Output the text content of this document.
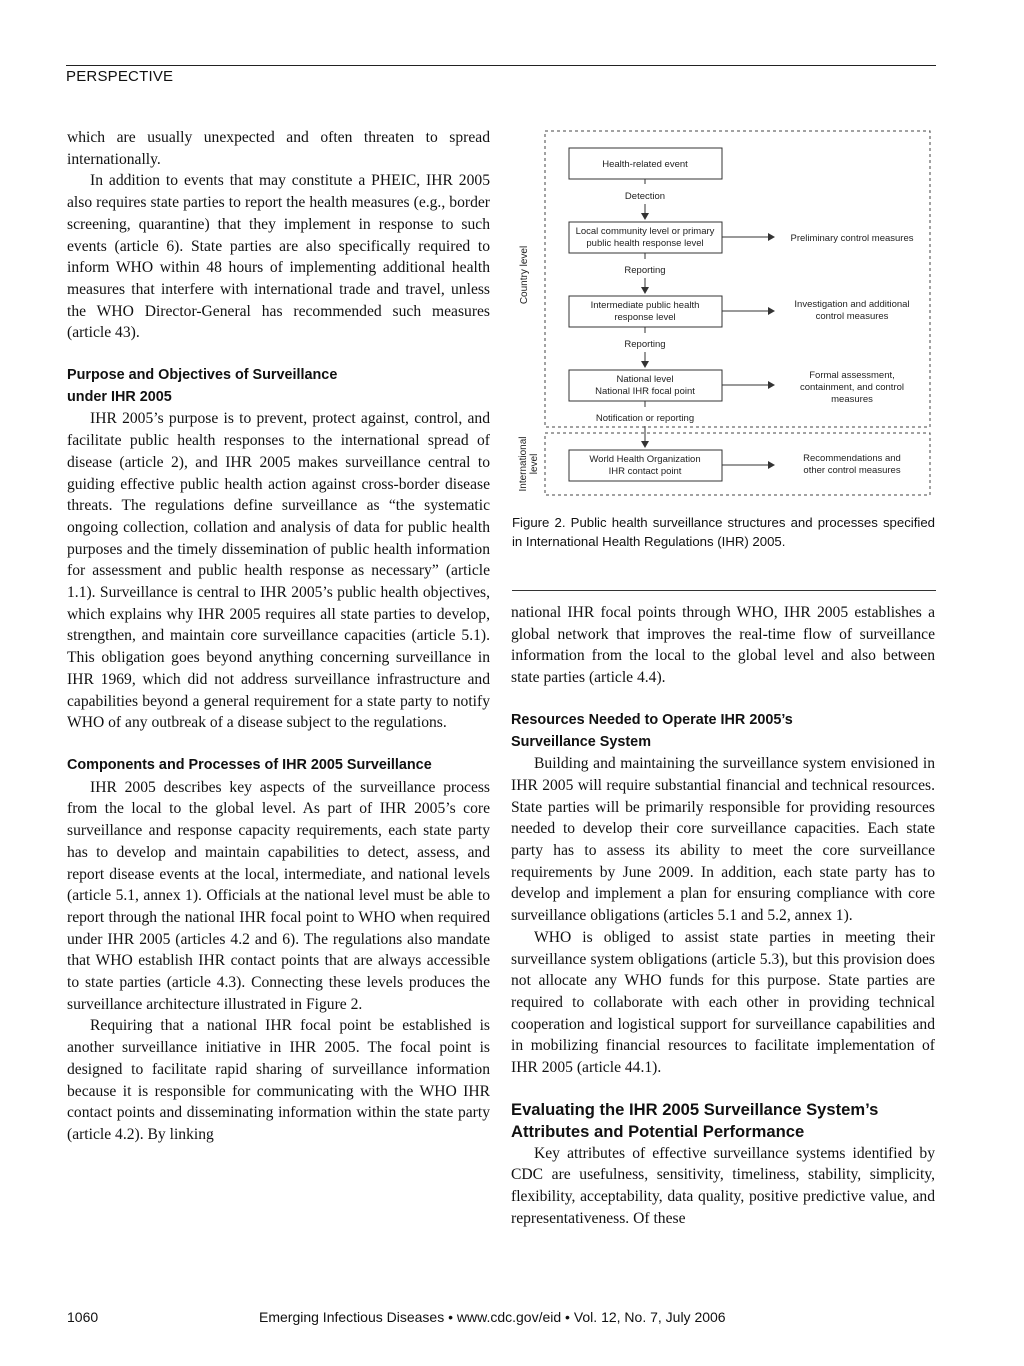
PERSPECTIVE

which are usually unexpected and often threaten to spread internationally.

In addition to events that may constitute a PHEIC, IHR 2005 also requires state parties to report the health measures (e.g., border screening, quarantine) that they implement in response to such events (article 6). State parties are also specifically required to inform WHO within 48 hours of implementing additional health measures that interfere with international trade and travel, unless the WHO Director-General has recommended such measures (article 43).

Purpose and Objectives of Surveillance
under IHR 2005

IHR 2005’s purpose is to prevent, protect against, control, and facilitate public health responses to the international spread of disease (article 2), and IHR 2005 makes surveillance central to guiding effective public health action against cross-border disease threats. The regulations define surveillance as “the systematic ongoing collection, collation and analysis of data for public health purposes and the timely dissemination of public health information for assessment and public health response as necessary” (article 1.1). Surveillance is central to IHR 2005’s public health objectives, which explains why IHR 2005 requires all state parties to develop, strengthen, and maintain core surveillance capacities (article 5.1). This obligation goes beyond anything concerning surveillance in IHR 1969, which did not address surveillance infrastructure and capabilities beyond a general requirement for a state party to notify WHO of any outbreak of a disease subject to the regulations.

Components and Processes of IHR 2005 Surveillance

IHR 2005 describes key aspects of the surveillance process from the local to the global level. As part of IHR 2005’s core surveillance and response capacity requirements, each state party has to develop and maintain capabilities to detect, assess, and report disease events at the local, intermediate, and national levels (article 5.1, annex 1). Officials at the national level must be able to report through the national IHR focal point to WHO when required under IHR 2005 (articles 4.2 and 6). The regulations also mandate that WHO establish IHR contact points that are always accessible to state parties (article 4.3). Connecting these levels produces the surveillance architecture illustrated in Figure 2.

Requiring that a national IHR focal point be established is another surveillance initiative in IHR 2005. The focal point is designed to facilitate rapid sharing of surveillance information because it is responsible for communicating with the WHO IHR contact points and disseminating information within the state party (article 4.2). By linking

Country level
International level
Health-related event
Detection
Local community level or primary
public health response level	Preliminary control measures
Reporting
Intermediate public health
response level
Investigation and additional
control measures
Reporting
National level
National IHR focal point
Formal assessment,
containment, and control
measures
Notification or reporting
World Health Organization
IHR contact point
Recommendations and
other control measures
Figure 2. Public health surveillance structures and processes specified in International Health Regulations (IHR) 2005.

national IHR focal points through WHO, IHR 2005 establishes a global network that improves the real-time flow of surveillance information from the local to the global level and also between state parties (article 4.4).

Resources Needed to Operate IHR 2005’s
Surveillance System

Building and maintaining the surveillance system envisioned in IHR 2005 will require substantial financial and technical resources. State parties will be primarily responsible for providing resources needed to develop their core surveillance capacities. Each state party has to assess its ability to meet the core surveillance requirements by June 2009. In addition, each state party has to develop and implement a plan for ensuring compliance with core surveillance obligations (articles 5.1 and 5.2, annex 1).

WHO is obliged to assist state parties in meeting their surveillance system obligations (article 5.3), but this provision does not allocate any WHO funds for this purpose. State parties are required to collaborate with each other in providing technical cooperation and logistical support for surveillance capabilities and in mobilizing financial resources to facilitate implementation of IHR 2005 (article 44.1).

Evaluating the IHR 2005 Surveillance System’s
Attributes and Potential Performance

Key attributes of effective surveillance systems identified by CDC are usefulness, sensitivity, timeliness, stability, simplicity, flexibility, acceptability, data quality, positive predictive value, and representativeness. Of these

1060	Emerging Infectious Diseases • www.cdc.gov/eid • Vol. 12, No. 7, July 2006
